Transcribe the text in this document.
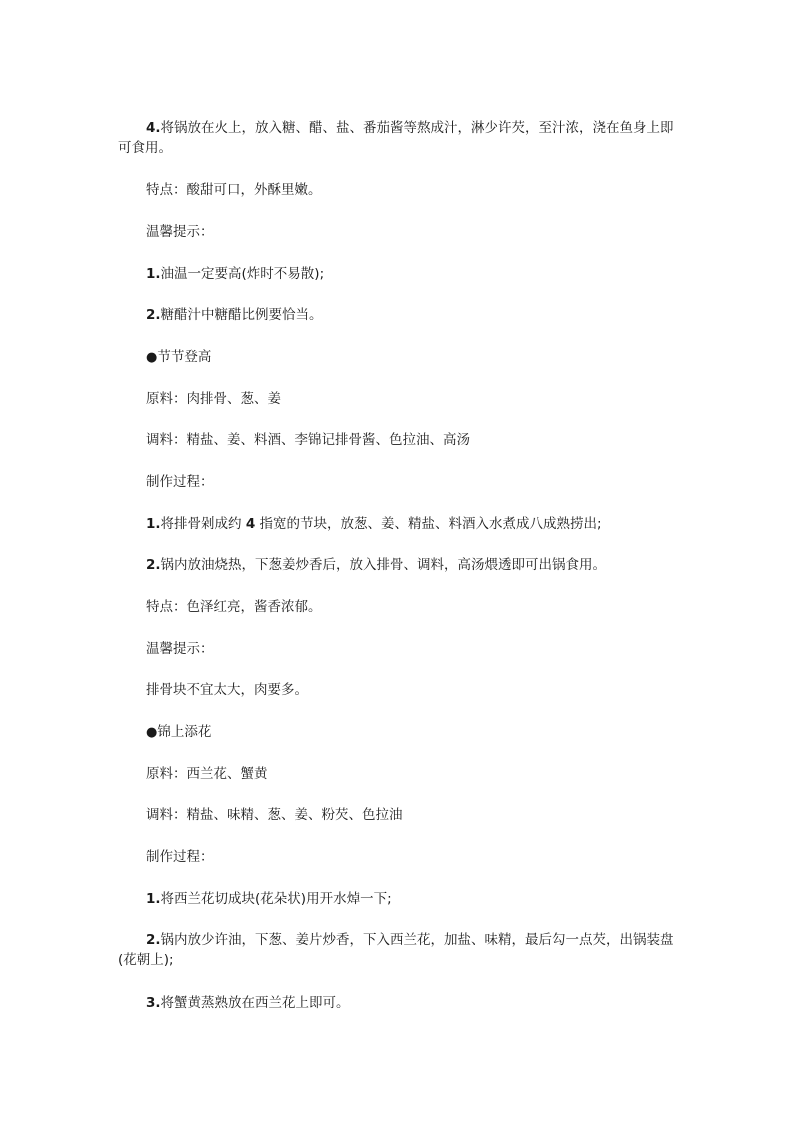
4.将锅放在火上，放入糖、醋、盐、番茄酱等熬成汁，淋少许芡，至汁浓，浇在鱼身上即可食用。

特点：酸甜可口，外酥里嫩。

温馨提示：

1.油温一定要高(炸时不易散);

2.糖醋汁中糖醋比例要恰当。

●节节登高

原料：肉排骨、葱、姜

调料：精盐、姜、料酒、李锦记排骨酱、色拉油、高汤

制作过程：

1.将排骨剁成约 4 指宽的节块，放葱、姜、精盐、料酒入水煮成八成熟捞出;

2.锅内放油烧热，下葱姜炒香后，放入排骨、调料，高汤煨透即可出锅食用。

特点：色泽红亮，酱香浓郁。

温馨提示：

排骨块不宜太大，肉要多。

●锦上添花

原料：西兰花、蟹黄

调料：精盐、味精、葱、姜、粉芡、色拉油

制作过程：

1.将西兰花切成块(花朵状)用开水焯一下;

2.锅内放少许油，下葱、姜片炒香，下入西兰花，加盐、味精，最后勾一点芡，出锅装盘(花朝上);

3.将蟹黄蒸熟放在西兰花上即可。
